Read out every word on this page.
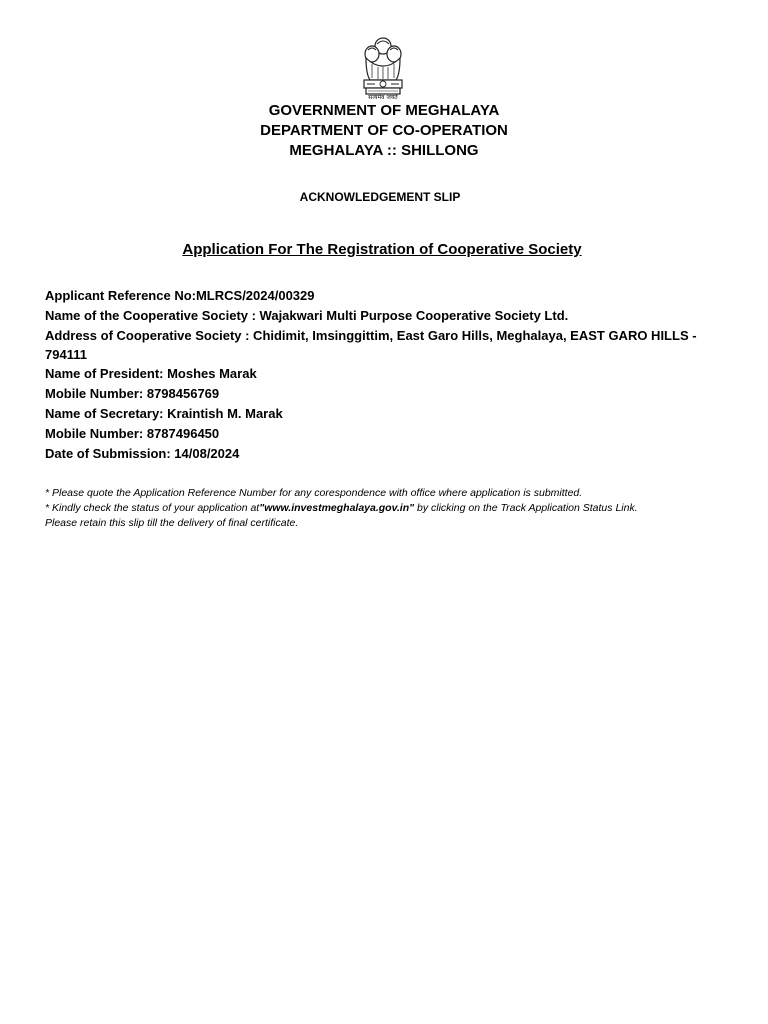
सत्यमेव जयते
GOVERNMENT OF MEGHALAYA
DEPARTMENT OF CO-OPERATION
MEGHALAYA :: SHILLONG
ACKNOWLEDGEMENT SLIP
Application For The Registration of Cooperative Society
Applicant Reference No:MLRCS/2024/00329
Name of the Cooperative Society : Wajakwari Multi Purpose Cooperative Society Ltd.
Address of Cooperative Society : Chidimit, Imsinggittim, East Garo Hills, Meghalaya, EAST GARO HILLS - 794111
Name of President: Moshes Marak
Mobile Number: 8798456769
Name of Secretary: Kraintish M. Marak
Mobile Number: 8787496450
Date of Submission: 14/08/2024
* Please quote the Application Reference Number for any corespondence with office where application is submitted.
* Kindly check the status of your application at"www.investmeghalaya.gov.in" by clicking on the Track Application Status Link.
Please retain this slip till the delivery of final certificate.
